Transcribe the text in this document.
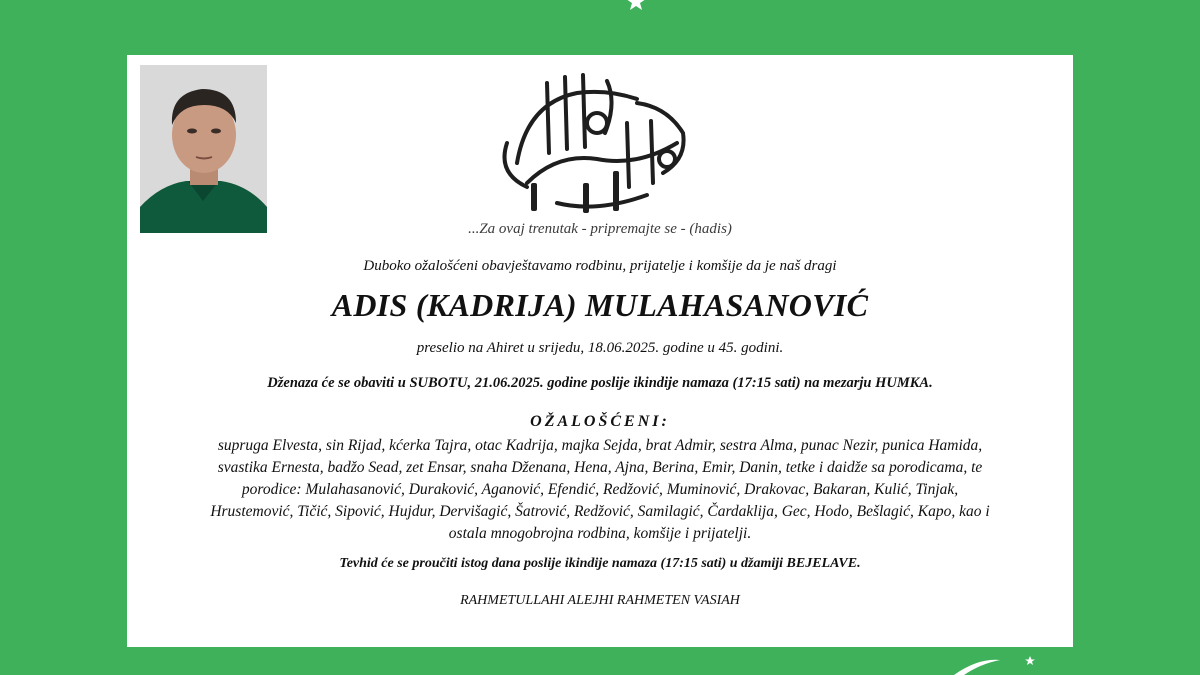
...Za ovaj trenutak - pripremajte se - (hadis)
Duboko ožalošćeni obavještavamo rodbinu, prijatelje i komšije da je naš dragi
ADIS (KADRIJA) MULAHASANOVIĆ
preselio na Ahiret u srijedu, 18.06.2025. godine u 45. godini.
Dženaza će se obaviti u SUBOTU, 21.06.2025. godine poslije ikindije namaza (17:15 sati) na mezarju HUMKA.
OŽALOŠĆENI:
supruga Elvesta, sin Rijad, kćerka Tajra, otac Kadrija, majka Sejda, brat Admir, sestra Alma, punac Nezir, punica Hamida,
svastika Ernesta, badžo Sead, zet Ensar, snaha Dženana, Hena, Ajna, Berina, Emir, Danin, tetke i daidže sa porodicama, te
porodice: Mulahasanović, Duraković, Aganović, Efendić, Redžović, Muminović, Drakovac, Bakaran, Kulić, Tinjak,
Hrustemović, Tičić, Sipović, Hujdur, Dervišagić, Šatrović, Redžović, Samilagić, Čardaklija, Gec, Hodo, Bešlagić, Kapo, kao i
ostala mnogobrojna rodbina, komšije i prijatelji.
Tevhid će se proučiti istog dana poslije ikindije namaza (17:15 sati) u džamiji BEJELAVE.
RAHMETULLAHI ALEJHI RAHMETEN VASIAH
